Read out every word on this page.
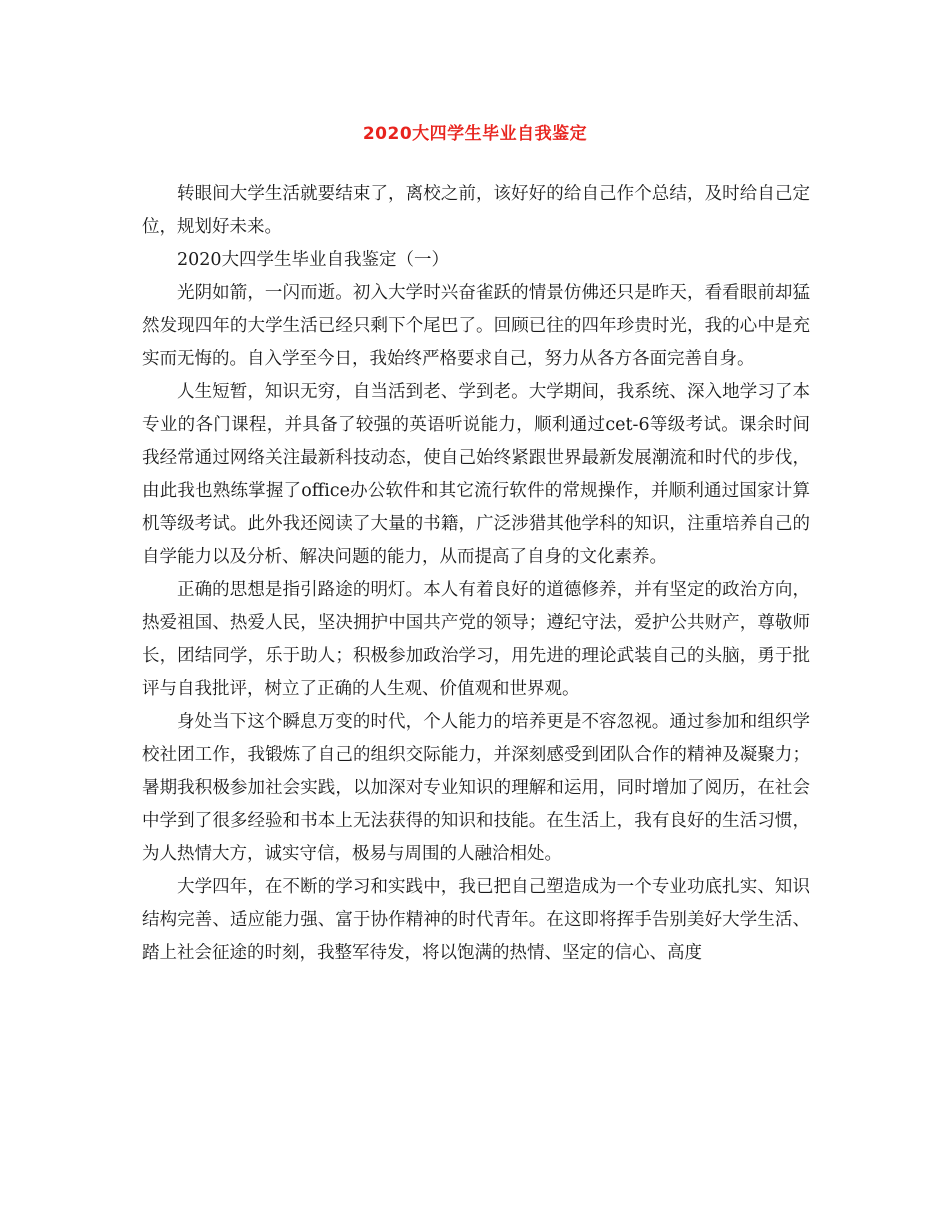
2020大四学生毕业自我鉴定

转眼间大学生活就要结束了，离校之前，该好好的给自己作个总结，及时给自己定位，规划好未来。

2020大四学生毕业自我鉴定（一）

光阴如箭，一闪而逝。初入大学时兴奋雀跃的情景仿佛还只是昨天，看看眼前却猛然发现四年的大学生活已经只剩下个尾巴了。回顾已往的四年珍贵时光，我的心中是充实而无悔的。自入学至今日，我始终严格要求自己，努力从各方各面完善自身。

人生短暂，知识无穷，自当活到老、学到老。大学期间，我系统、深入地学习了本专业的各门课程，并具备了较强的英语听说能力，顺利通过cet-6等级考试。课余时间我经常通过网络关注最新科技动态，使自己始终紧跟世界最新发展潮流和时代的步伐，由此我也熟练掌握了office办公软件和其它流行软件的常规操作，并顺利通过国家计算机等级考试。此外我还阅读了大量的书籍，广泛涉猎其他学科的知识，注重培养自己的自学能力以及分析、解决问题的能力，从而提高了自身的文化素养。

正确的思想是指引路途的明灯。本人有着良好的道德修养，并有坚定的政治方向，热爱祖国、热爱人民，坚决拥护中国共产党的领导；遵纪守法，爱护公共财产，尊敬师长，团结同学，乐于助人；积极参加政治学习，用先进的理论武装自己的头脑，勇于批评与自我批评，树立了正确的人生观、价值观和世界观。

身处当下这个瞬息万变的时代，个人能力的培养更是不容忽视。通过参加和组织学校社团工作，我锻炼了自己的组织交际能力，并深刻感受到团队合作的精神及凝聚力；暑期我积极参加社会实践，以加深对专业知识的理解和运用，同时增加了阅历，在社会中学到了很多经验和书本上无法获得的知识和技能。在生活上，我有良好的生活习惯，为人热情大方，诚实守信，极易与周围的人融洽相处。

大学四年，在不断的学习和实践中，我已把自己塑造成为一个专业功底扎实、知识结构完善、适应能力强、富于协作精神的时代青年。在这即将挥手告别美好大学生活、踏上社会征途的时刻，我整军待发，将以饱满的热情、坚定的信心、高度
